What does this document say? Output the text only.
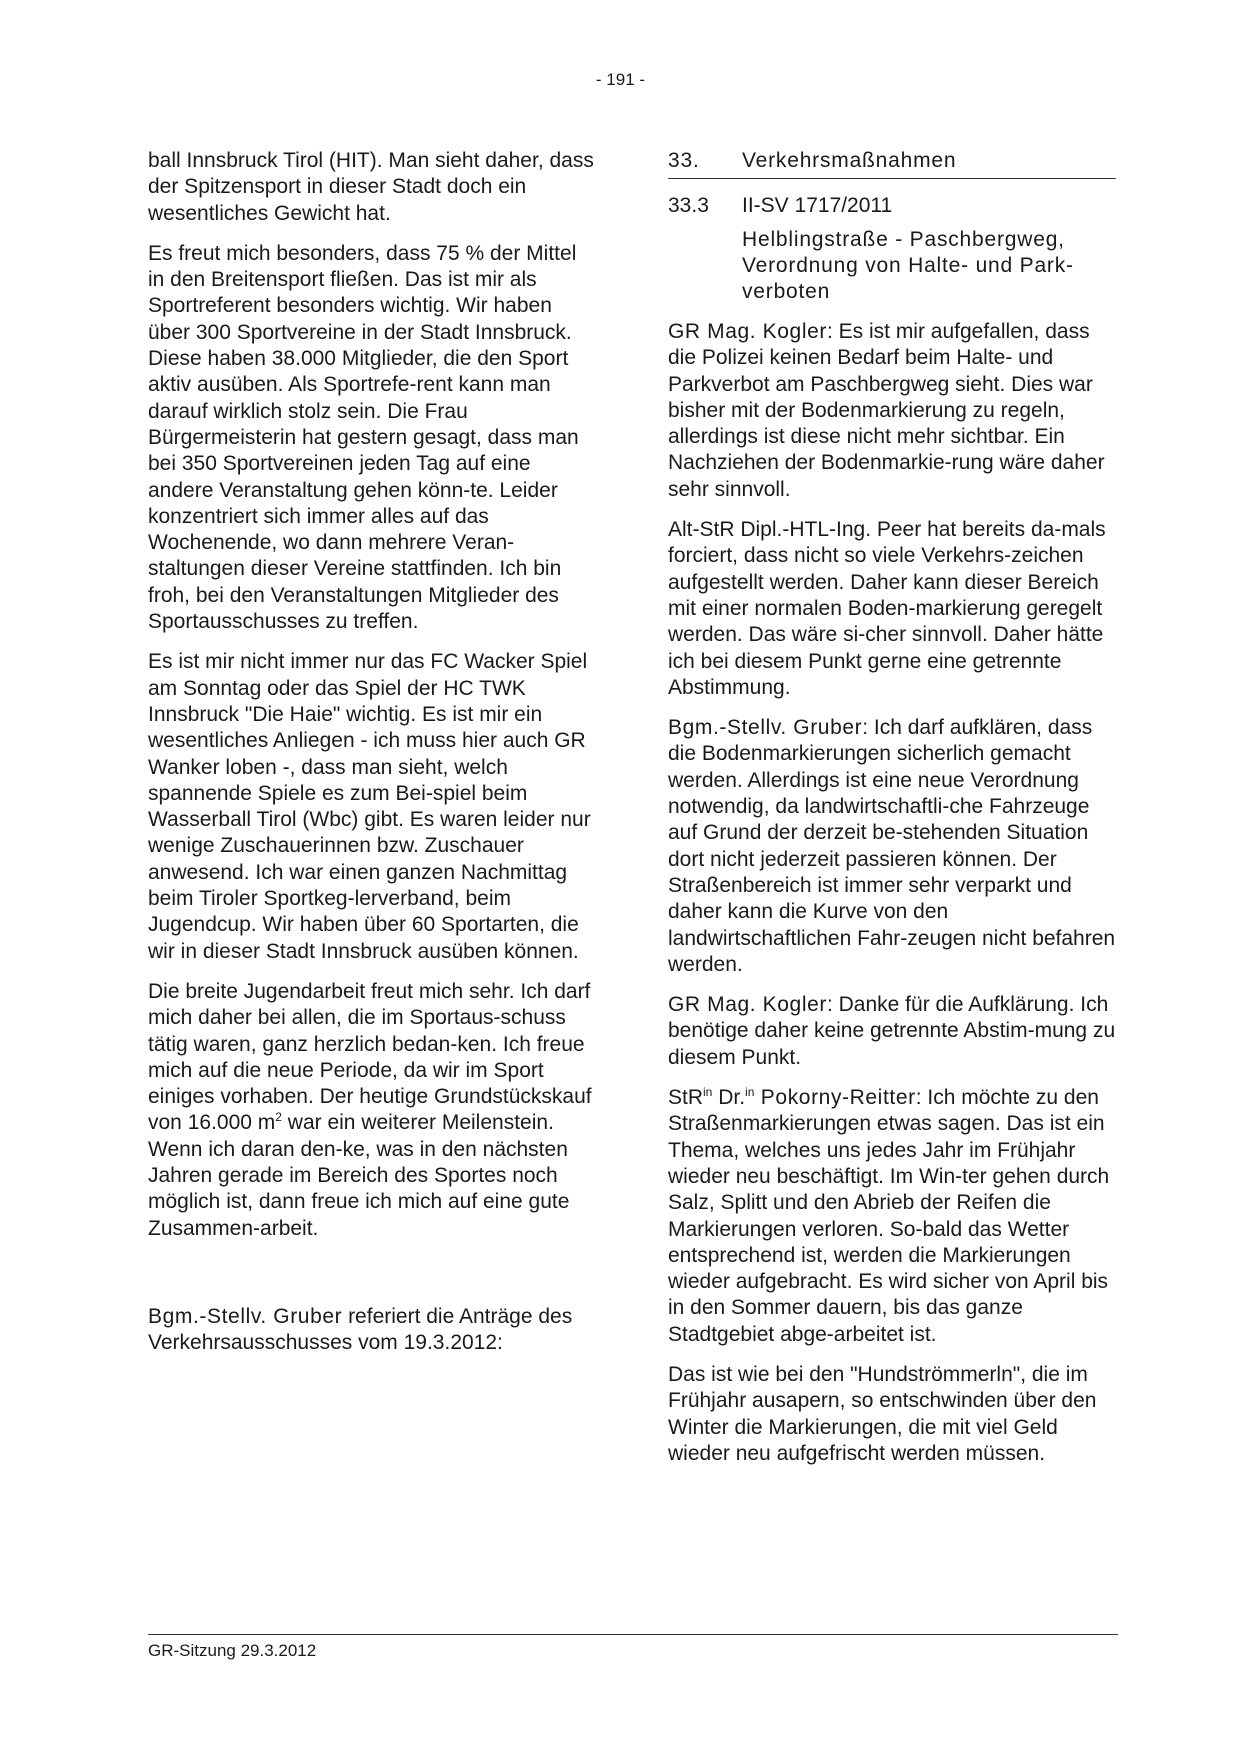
- 191 -

ball Innsbruck Tirol (HIT). Man sieht daher, dass der Spitzensport in dieser Stadt doch ein wesentliches Gewicht hat.

Es freut mich besonders, dass 75 % der Mittel in den Breitensport fließen. Das ist mir als Sportreferent besonders wichtig. Wir haben über 300 Sportvereine in der Stadt Innsbruck. Diese haben 38.000 Mitglieder, die den Sport aktiv ausüben. Als Sportrefe-rent kann man darauf wirklich stolz sein. Die Frau Bürgermeisterin hat gestern gesagt, dass man bei 350 Sportvereinen jeden Tag auf eine andere Veranstaltung gehen könn-te. Leider konzentriert sich immer alles auf das Wochenende, wo dann mehrere Veran-staltungen dieser Vereine stattfinden. Ich bin froh, bei den Veranstaltungen Mitglieder des Sportausschusses zu treffen.

Es ist mir nicht immer nur das FC Wacker Spiel am Sonntag oder das Spiel der HC TWK Innsbruck "Die Haie" wichtig. Es ist mir ein wesentliches Anliegen - ich muss hier auch GR Wanker loben -, dass man sieht, welch spannende Spiele es zum Bei-spiel beim Wasserball Tirol (Wbc) gibt. Es waren leider nur wenige Zuschauerinnen bzw. Zuschauer anwesend. Ich war einen ganzen Nachmittag beim Tiroler Sportkeg-lerverband, beim Jugendcup. Wir haben über 60 Sportarten, die wir in dieser Stadt Innsbruck ausüben können.

Die breite Jugendarbeit freut mich sehr. Ich darf mich daher bei allen, die im Sportaus-schuss tätig waren, ganz herzlich bedan-ken. Ich freue mich auf die neue Periode, da wir im Sport einiges vorhaben. Der heutige Grundstückskauf von 16.000 $m^2$ war ein weiterer Meilenstein. Wenn ich daran den-ke, was in den nächsten Jahren gerade im Bereich des Sportes noch möglich ist, dann freue ich mich auf eine gute Zusammen-arbeit.

Bgm.-Stellv. Gruber referiert die Anträge des Verkehrsausschusses vom 19.3.2012:

33.	Verkehrsmaßnahmen
33.3	II-SV 1717/2011
Helblingstraße - Paschbergweg, Verordnung von Halte- und Park-verboten

GR Mag. Kogler: Es ist mir aufgefallen, dass die Polizei keinen Bedarf beim Halte- und Parkverbot am Paschbergweg sieht. Dies war bisher mit der Bodenmarkierung zu regeln, allerdings ist diese nicht mehr sichtbar. Ein Nachziehen der Bodenmarkie-rung wäre daher sehr sinnvoll.

Alt-StR Dipl.-HTL-Ing. Peer hat bereits da-mals forciert, dass nicht so viele Verkehrs-zeichen aufgestellt werden. Daher kann dieser Bereich mit einer normalen Boden-markierung geregelt werden. Das wäre si-cher sinnvoll. Daher hätte ich bei diesem Punkt gerne eine getrennte Abstimmung.

Bgm.-Stellv. Gruber: Ich darf aufklären, dass die Bodenmarkierungen sicherlich gemacht werden. Allerdings ist eine neue Verordnung notwendig, da landwirtschaftli-che Fahrzeuge auf Grund der derzeit be-stehenden Situation dort nicht jederzeit passieren können. Der Straßenbereich ist immer sehr verparkt und daher kann die Kurve von den landwirtschaftlichen Fahr-zeugen nicht befahren werden.

GR Mag. Kogler: Danke für die Aufklärung. Ich benötige daher keine getrennte Abstim-mung zu diesem Punkt.

StR$^{in}$ Dr.$^{in}$ Pokorny-Reitter: Ich möchte zu den Straßenmarkierungen etwas sagen. Das ist ein Thema, welches uns jedes Jahr im Frühjahr wieder neu beschäftigt. Im Win-ter gehen durch Salz, Splitt und den Abrieb der Reifen die Markierungen verloren. So-bald das Wetter entsprechend ist, werden die Markierungen wieder aufgebracht. Es wird sicher von April bis in den Sommer dauern, bis das ganze Stadtgebiet abge-arbeitet ist.

Das ist wie bei den "Hundströmmerln", die im Frühjahr ausapern, so entschwinden über den Winter die Markierungen, die mit viel Geld wieder neu aufgefrischt werden müssen.

GR-Sitzung 29.3.2012
